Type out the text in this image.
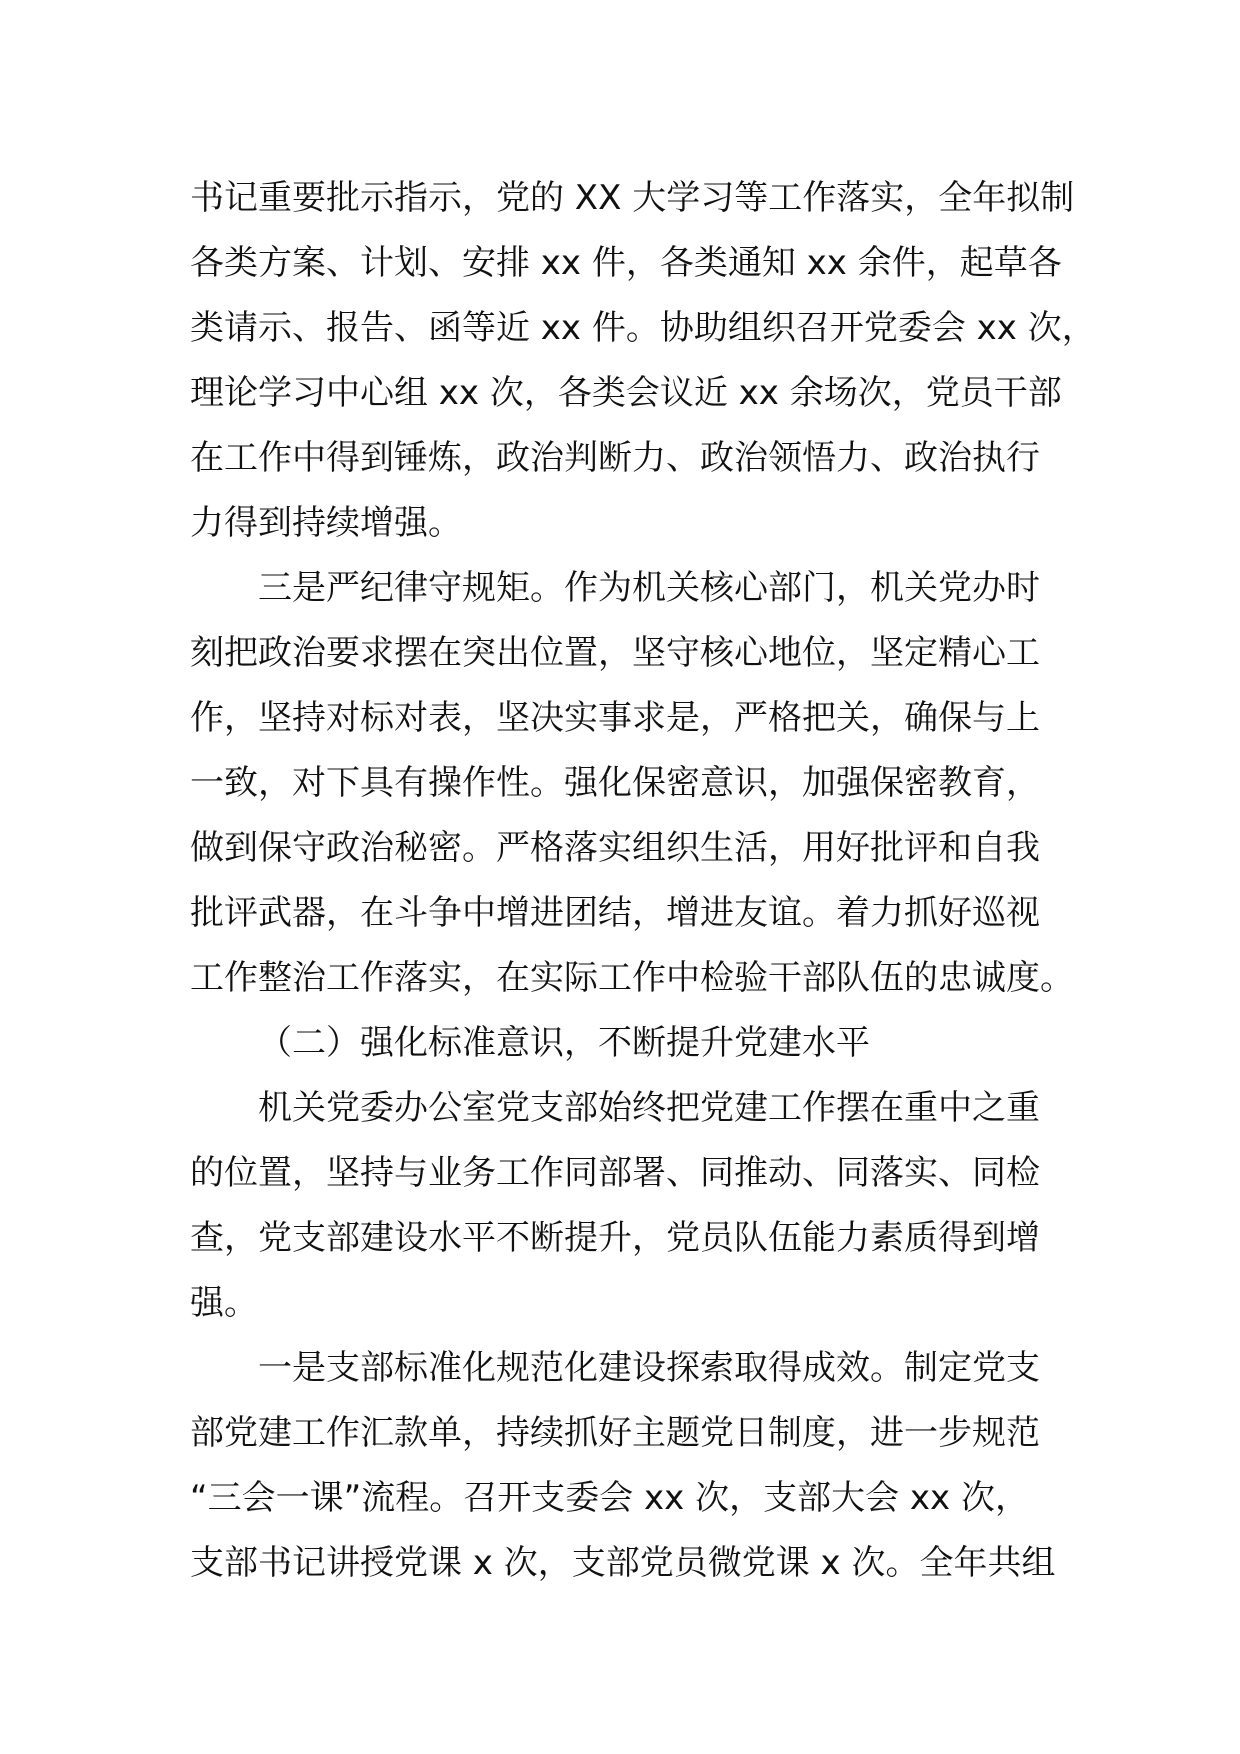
书记重要批示指示，党的 XX 大学习等工作落实，全年拟制
各类方案、计划、安排 xx 件，各类通知 xx 余件，起草各
类请示、报告、函等近 xx 件。协助组织召开党委会 xx 次，
理论学习中心组 xx 次，各类会议近 xx 余场次，党员干部
在工作中得到锤炼，政治判断力、政治领悟力、政治执行
力得到持续增强。
三是严纪律守规矩。作为机关核心部门，机关党办时
刻把政治要求摆在突出位置，坚守核心地位，坚定精心工
作，坚持对标对表，坚决实事求是，严格把关，确保与上
一致，对下具有操作性。强化保密意识，加强保密教育，
做到保守政治秘密。严格落实组织生活，用好批评和自我
批评武器，在斗争中增进团结，增进友谊。着力抓好巡视
工作整治工作落实，在实际工作中检验干部队伍的忠诚度。
（二）强化标准意识，不断提升党建水平
机关党委办公室党支部始终把党建工作摆在重中之重
的位置，坚持与业务工作同部署、同推动、同落实、同检
查，党支部建设水平不断提升，党员队伍能力素质得到增
强。
一是支部标准化规范化建设探索取得成效。制定党支
部党建工作汇款单，持续抓好主题党日制度，进一步规范
“三会一课”流程。召开支委会 xx 次，支部大会 xx 次，
支部书记讲授党课 x 次，支部党员微党课 x 次。全年共组
